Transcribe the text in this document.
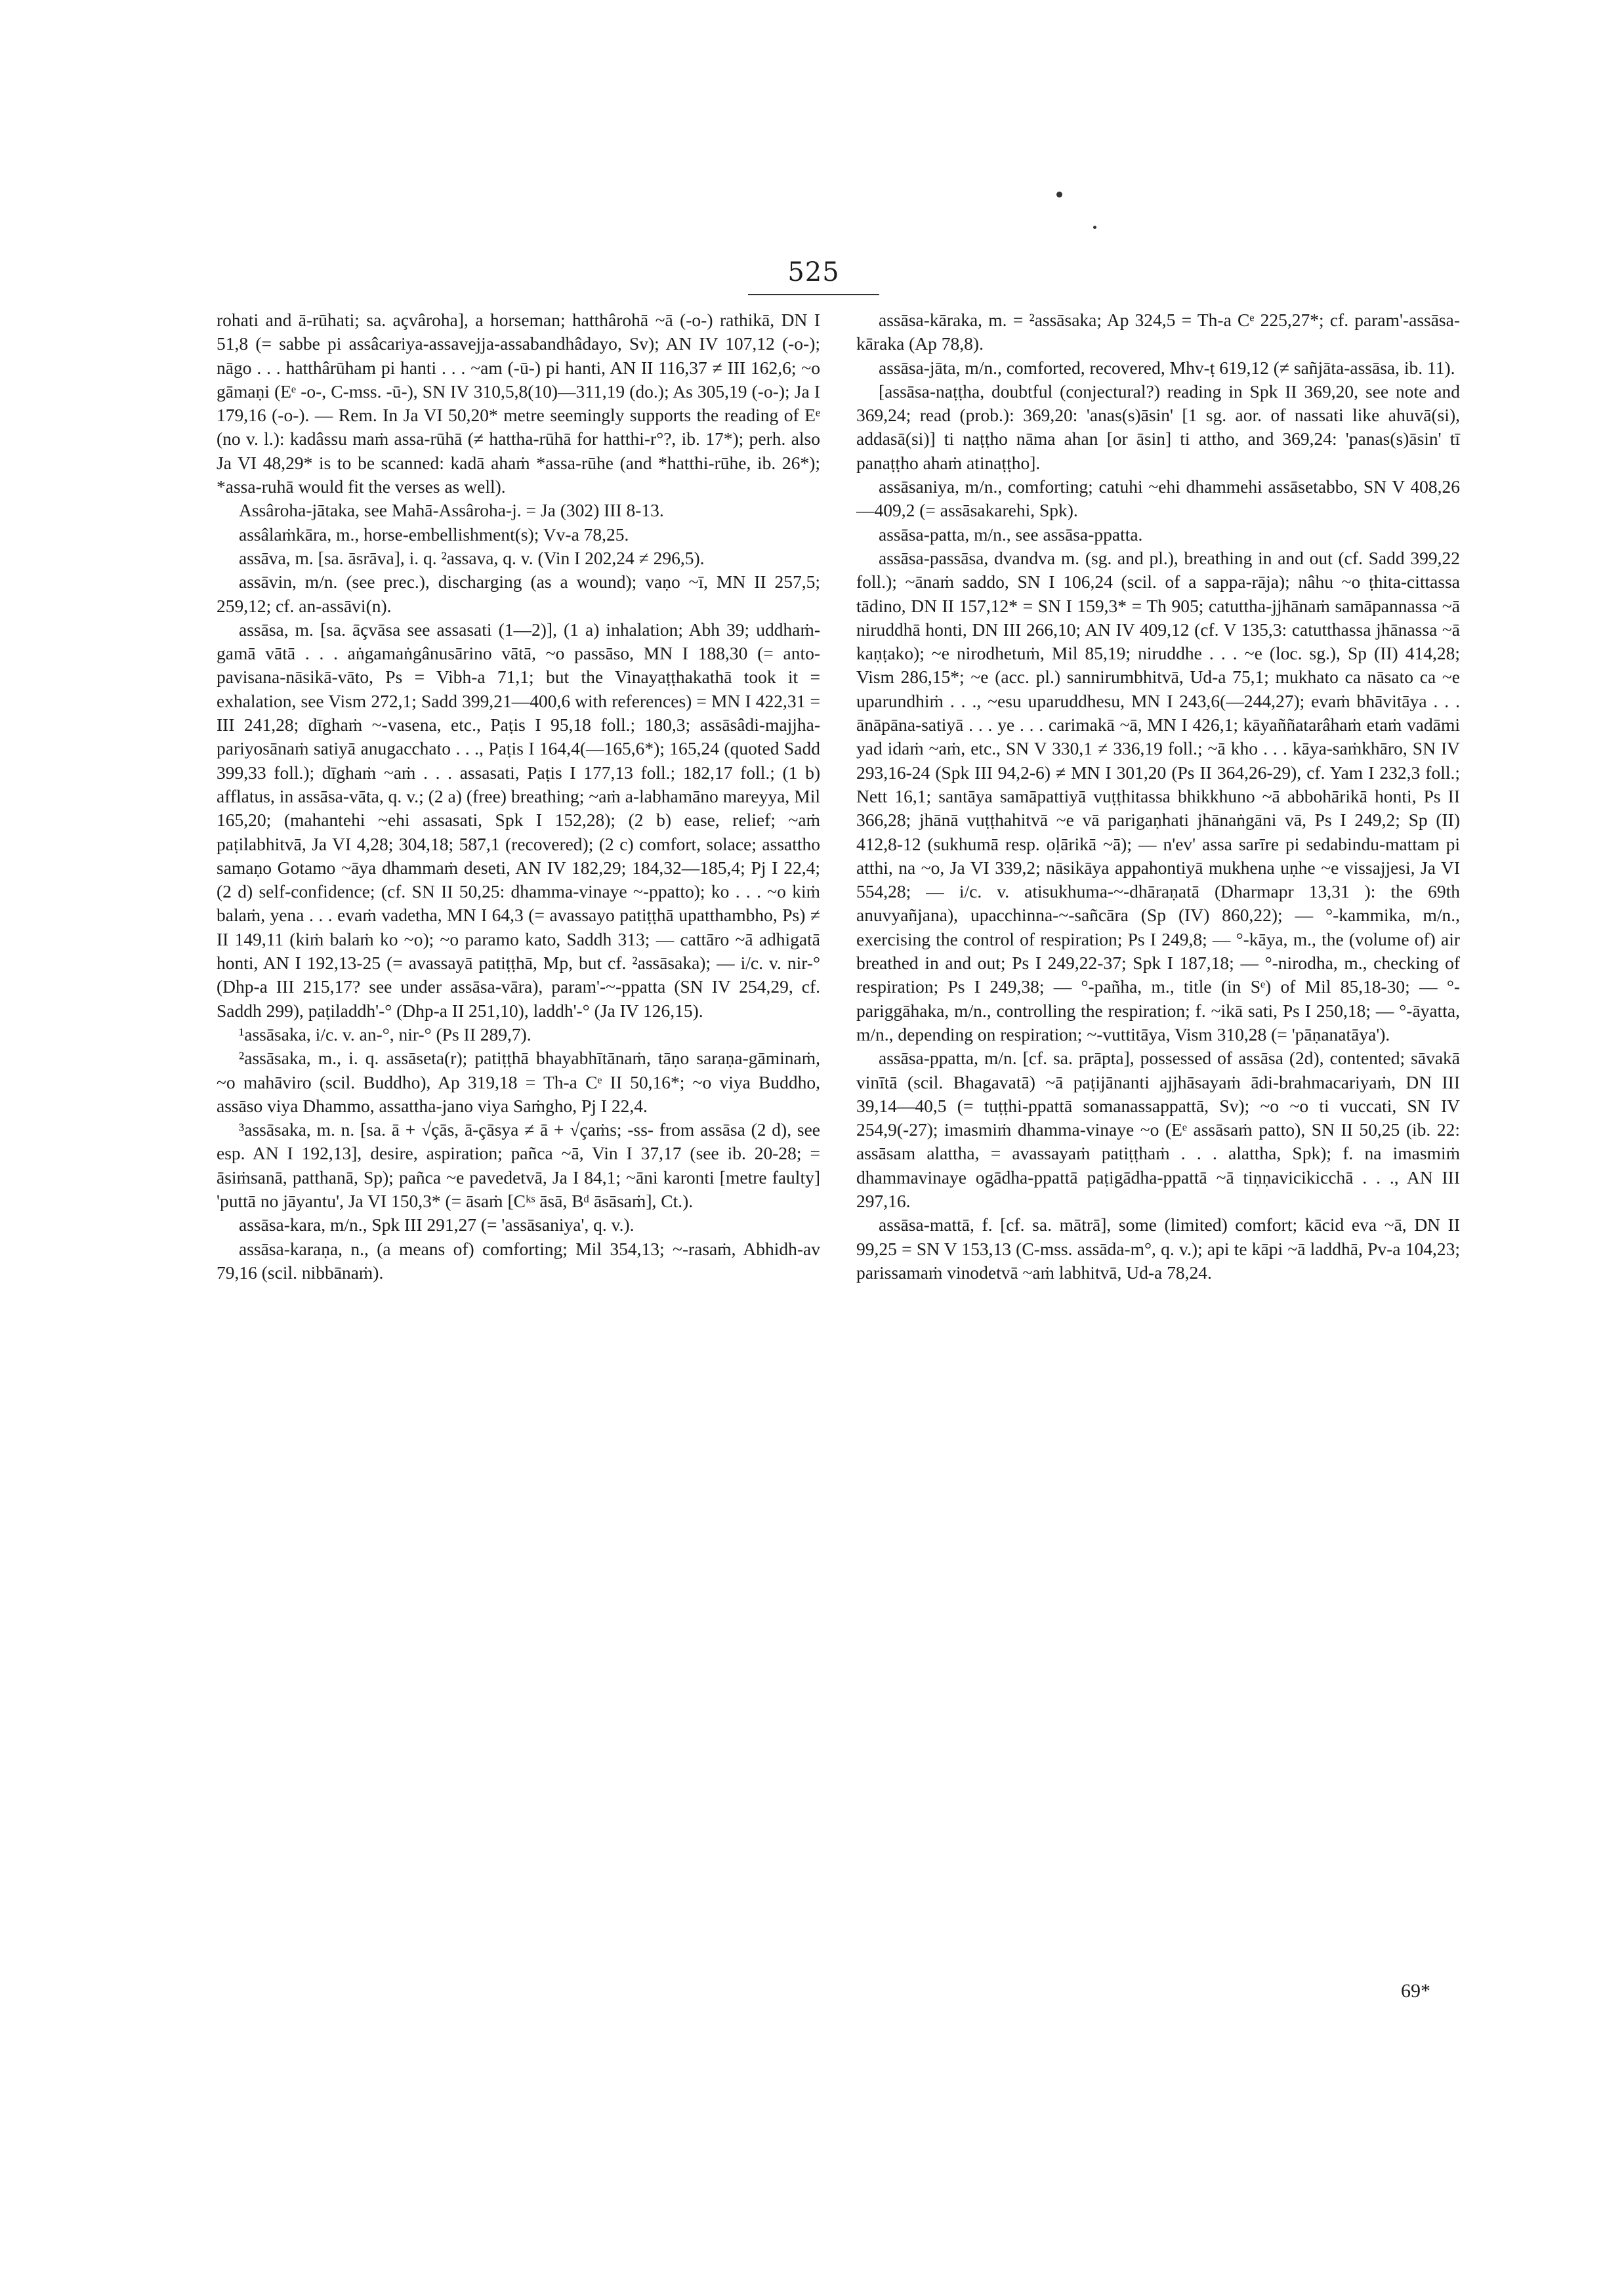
525

rohati and ā-rūhati; sa. açvâroha], a horseman; hatthârohā ~ā (-o-) rathikā, DN I 51,8 (= sabbe pi assâcariya-assavejja-assabandhâdayo, Sv); AN IV 107,12 (-o-); nāgo . . . hatthârūham pi hanti . . . ~am (-ū-) pi hanti, AN II 116,37 ≠ III 162,6; ~o gāmaṇi (Eᵉ -o-, C-mss. -ū-), SN IV 310,5,8(10)—311,19 (do.); As 305,19 (-o-); Ja I 179,16 (-o-). — Rem. In Ja VI 50,20* metre seemingly supports the reading of Eᵉ (no v. l.): kadâssu maṁ assa-rūhā (≠ hattha-rūhā for hatthi-r°?, ib. 17*); perh. also Ja VI 48,29* is to be scanned: kadā ahaṁ *assa-rūhe (and *hatthi-rūhe, ib. 26*); *assa-ruhā would fit the verses as well).

Assâroha-jātaka, see Mahā-Assâroha-j. = Ja (302) III 8-13.

assâlaṁkāra, m., horse-embellishment(s); Vv-a 78,25.

assāva, m. [sa. āsrāva], i. q. ²assava, q. v. (Vin I 202,24 ≠ 296,5).

assāvin, m/n. (see prec.), discharging (as a wound); vaṇo ~ī, MN II 257,5; 259,12; cf. an-assāvi(n).

assāsa, m. [sa. āçvāsa see assasati (1—2)], (1 a) inhalation; Abh 39; uddhaṁ-gamā vātā . . . aṅgamaṅgânusārino vātā, ~o passāso, MN I 188,30 (= anto-pavisana-nāsikā-vāto, Ps = Vibh-a 71,1; but the Vinayaṭṭhakathā took it = exhalation, see Vism 272,1; Sadd 399,21—400,6 with references) = MN I 422,31 = III 241,28; dīghaṁ ~-vasena, etc., Paṭis I 95,18 foll.; 180,3; assāsâdi-majjha-pariyosānaṁ satiyā anugacchato . . ., Paṭis I 164,4(—165,6*); 165,24 (quoted Sadd 399,33 foll.); dīghaṁ ~aṁ . . . assasati, Paṭis I 177,13 foll.; 182,17 foll.; (1 b) afflatus, in assāsa-vāta, q. v.; (2 a) (free) breathing; ~aṁ a-labhamāno mareyya, Mil 165,20; (mahantehi ~ehi assasati, Spk I 152,28); (2 b) ease, relief; ~aṁ paṭilabhitvā, Ja VI 4,28; 304,18; 587,1 (recovered); (2 c) comfort, solace; assattho samaṇo Gotamo ~āya dhammaṁ deseti, AN IV 182,29; 184,32—185,4; Pj I 22,4; (2 d) self-confidence; (cf. SN II 50,25: dhamma-vinaye ~-ppatto); ko . . . ~o kiṁ balaṁ, yena . . . evaṁ vadetha, MN I 64,3 (= avassayo patiṭṭhā upatthambho, Ps) ≠ II 149,11 (kiṁ balaṁ ko ~o); ~o paramo kato, Saddh 313; — cattāro ~ā adhigatā honti, AN I 192,13-25 (= avassayā patiṭṭhā, Mp, but cf. ²assāsaka); — i/c. v. nir-° (Dhp-a III 215,17? see under assāsa-vāra), param'-~-ppatta (SN IV 254,29, cf. Saddh 299), paṭiladdh'-° (Dhp-a II 251,10), laddh'-° (Ja IV 126,15).

¹assāsaka, i/c. v. an-°, nir-° (Ps II 289,7).

²assāsaka, m., i. q. assāseta(r); patiṭṭhā bhayabhītānaṁ, tāṇo saraṇa-gāminaṁ, ~o mahāviro (scil. Buddho), Ap 319,18 = Th-a Cᵉ II 50,16*; ~o viya Buddho, assāso viya Dhammo, assattha-jano viya Saṁgho, Pj I 22,4.

³assāsaka, m. n. [sa. ā + √çās, ā-çāsya ≠ ā + √çaṁs; -ss- from assāsa (2 d), see esp. AN I 192,13], desire, aspiration; pañca ~ā, Vin I 37,17 (see ib. 20-28; = āsiṁsanā, patthanā, Sp); pañca ~e pavedetvā, Ja I 84,1; ~āni karonti [metre faulty] 'puttā no jāyantu', Ja VI 150,3* (= āsaṁ [Cᵏˢ āsā, Bᵈ āsāsaṁ], Ct.).

assāsa-kara, m/n., Spk III 291,27 (= 'assāsaniya', q. v.).

assāsa-karaṇa, n., (a means of) comforting; Mil 354,13; ~-rasaṁ, Abhidh-av 79,16 (scil. nibbānaṁ).

assāsa-kāraka, m. = ²assāsaka; Ap 324,5 = Th-a Cᵉ 225,27*; cf. param'-assāsa-kāraka (Ap 78,8).

assāsa-jāta, m/n., comforted, recovered, Mhv-ṭ 619,12 (≠ sañjāta-assāsa, ib. 11).

[assāsa-naṭṭha, doubtful (conjectural?) reading in Spk II 369,20, see note and 369,24; read (prob.): 369,20: 'anas(s)āsin' [1 sg. aor. of nassati like ahuvā(si), addasā(si)] ti naṭṭho nāma ahan [or āsin] ti attho, and 369,24: 'panas(s)āsin' tī panaṭṭho ahaṁ atinaṭṭho].

assāsaniya, m/n., comforting; catuhi ~ehi dhammehi assāsetabbo, SN V 408,26—409,2 (= assāsakarehi, Spk).

assāsa-patta, m/n., see assāsa-ppatta.

assāsa-passāsa, dvandva m. (sg. and pl.), breathing in and out (cf. Sadd 399,22 foll.); ~ānaṁ saddo, SN I 106,24 (scil. of a sappa-rāja); nâhu ~o ṭhita-cittassa tādino, DN II 157,12* = SN I 159,3* = Th 905; catuttha-jjhānaṁ samāpannassa ~ā niruddhā honti, DN III 266,10; AN IV 409,12 (cf. V 135,3: catutthassa jhānassa ~ā kaṇṭako); ~e nirodhetuṁ, Mil 85,19; niruddhe . . . ~e (loc. sg.), Sp (II) 414,28; Vism 286,15*; ~e (acc. pl.) sannirumbhitvā, Ud-a 75,1; mukhato ca nāsato ca ~e uparundhiṁ . . ., ~esu uparuddhesu, MN I 243,6(—244,27); evaṁ bhāvitāya . . . ānāpāna-satiyā . . . ye . . . carimakā ~ā, MN I 426,1; kāyaññatarâhaṁ etaṁ vadāmi yad idaṁ ~aṁ, etc., SN V 330,1 ≠ 336,19 foll.; ~ā kho . . . kāya-saṁkhāro, SN IV 293,16-24 (Spk III 94,2-6) ≠ MN I 301,20 (Ps II 364,26-29), cf. Yam I 232,3 foll.; Nett 16,1; santāya samāpattiyā vuṭṭhitassa bhikkhuno ~ā abbohārikā honti, Ps II 366,28; jhānā vuṭṭhahitvā ~e vā parigaṇhati jhānaṅgāni vā, Ps I 249,2; Sp (II) 412,8-12 (sukhumā resp. oḷārikā ~ā); — n'ev' assa sarīre pi sedabindu-mattam pi atthi, na ~o, Ja VI 339,2; nāsikāya appahontiyā mukhena uṇhe ~e vissajjesi, Ja VI 554,28; — i/c. v. atisukhuma-~-dhāraṇatā (Dharmapr 13,31 ): the 69th anuvyañjana), upacchinna-~-sañcāra (Sp (IV) 860,22); — °-kammika, m/n., exercising the control of respiration; Ps I 249,8; — °-kāya, m., the (volume of) air breathed in and out; Ps I 249,22-37; Spk I 187,18; — °-nirodha, m., checking of respiration; Ps I 249,38; — °-pañha, m., title (in Sᵉ) of Mil 85,18-30; — °-pariggāhaka, m/n., controlling the respiration; f. ~ikā sati, Ps I 250,18; — °-āyatta, m/n., depending on respiration; ~-vuttitāya, Vism 310,28 (= 'pāṇanatāya').

assāsa-ppatta, m/n. [cf. sa. prāpta], possessed of assāsa (2d), contented; sāvakā vinītā (scil. Bhagavatā) ~ā paṭijānanti ajjhāsayaṁ ādi-brahmacariyaṁ, DN III 39,14—40,5 (= tuṭṭhi-ppattā somanassappattā, Sv); ~o ~o ti vuccati, SN IV 254,9(-27); imasmiṁ dhamma-vinaye ~o (Eᵉ assāsaṁ patto), SN II 50,25 (ib. 22: assāsam alattha, = avassayaṁ patiṭṭhaṁ . . . alattha, Spk); f. na imasmiṁ dhammavinaye ogādha-ppattā paṭigādha-ppattā ~ā tiṇṇavicikicchā . . ., AN III 297,16.

assāsa-mattā, f. [cf. sa. mātrā], some (limited) comfort; kācid eva ~ā, DN II 99,25 = SN V 153,13 (C-mss. assāda-m°, q. v.); api te kāpi ~ā laddhā, Pv-a 104,23; parissamaṁ vinodetvā ~aṁ labhitvā, Ud-a 78,24.

69*
